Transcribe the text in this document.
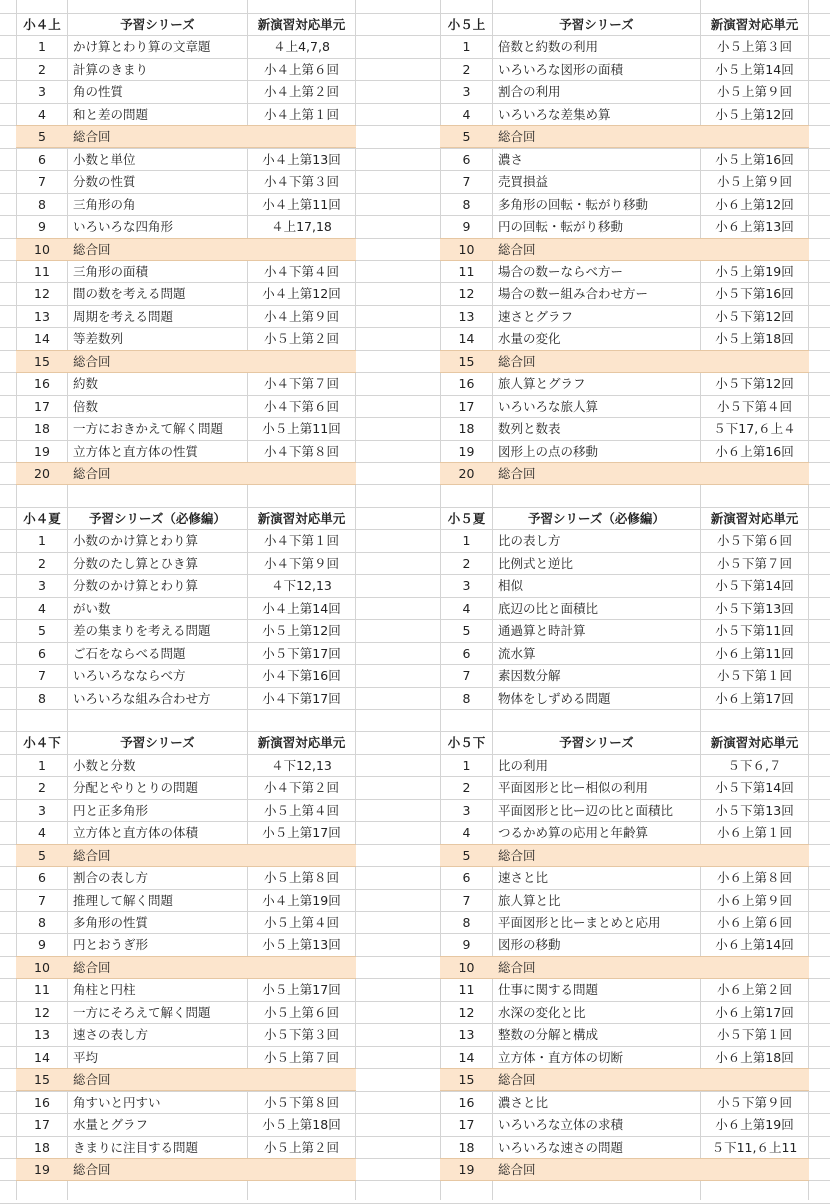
小４上	予習シリーズ	新演習対応単元	小５上	予習シリーズ	新演習対応単元
1	かけ算とわり算の文章題	４上4,7,8	1	倍数と約数の利用	小５上第３回
2	計算のきまり	小４上第６回	2	いろいろな図形の面積	小５上第14回
3	角の性質	小４上第２回	3	割合の利用	小５上第９回
4	和と差の問題	小４上第１回	4	いろいろな差集め算	小５上第12回
5	総合回	5	総合回
6	小数と単位	小４上第13回	6	濃さ	小５上第16回
7	分数の性質	小４下第３回	7	売買損益	小５上第９回
8	三角形の角	小４上第11回	8	多角形の回転・転がり移動	小６上第12回
9	いろいろな四角形	４上17,18	9	円の回転・転がり移動	小６上第13回
10	総合回	10	総合回
11	三角形の面積	小４下第４回	11	場合の数ーならべ方ー	小５上第19回
12	間の数を考える問題	小４上第12回	12	場合の数ー組み合わせ方ー	小５下第16回
13	周期を考える問題	小４上第９回	13	速さとグラフ	小５下第12回
14	等差数列	小５上第２回	14	水量の変化	小５上第18回
15	総合回	15	総合回
16	約数	小４下第７回	16	旅人算とグラフ	小５下第12回
17	倍数	小４下第６回	17	いろいろな旅人算	小５下第４回
18	一方におきかえて解く問題	小５上第11回	18	数列と数表	５下17,６上４
19	立方体と直方体の性質	小４下第８回	19	図形上の点の移動	小６上第16回
20	総合回	20	総合回
小４夏	予習シリーズ（必修編）	新演習対応単元	小５夏	予習シリーズ（必修編）	新演習対応単元
1	小数のかけ算とわり算	小４下第１回	1	比の表し方	小５下第６回
2	分数のたし算とひき算	小４下第９回	2	比例式と逆比	小５下第７回
3	分数のかけ算とわり算	４下12,13	3	相似	小５下第14回
4	がい数	小４上第14回	4	底辺の比と面積比	小５下第13回
5	差の集まりを考える問題	小５上第12回	5	通過算と時計算	小５下第11回
6	ご石をならべる問題	小５下第17回	6	流水算	小６上第11回
7	いろいろなならべ方	小４下第16回	7	素因数分解	小５下第１回
8	いろいろな組み合わせ方	小４下第17回	8	物体をしずめる問題	小６上第17回
小４下	予習シリーズ	新演習対応単元	小５下	予習シリーズ	新演習対応単元
1	小数と分数	４下12,13	1	比の利用	５下６,７
2	分配とやりとりの問題	小４下第２回	2	平面図形と比ー相似の利用	小５下第14回
3	円と正多角形	小５上第４回	3	平面図形と比ー辺の比と面積比	小５下第13回
4	立方体と直方体の体積	小５上第17回	4	つるかめ算の応用と年齢算	小６上第１回
5	総合回	5	総合回
6	割合の表し方	小５上第８回	6	速さと比	小６上第８回
7	推理して解く問題	小４上第19回	7	旅人算と比	小６上第９回
8	多角形の性質	小５上第４回	8	平面図形と比ーまとめと応用	小６上第６回
9	円とおうぎ形	小５上第13回	9	図形の移動	小６上第14回
10	総合回	10	総合回
11	角柱と円柱	小５上第17回	11	仕事に関する問題	小６上第２回
12	一方にそろえて解く問題	小５上第６回	12	水深の変化と比	小６上第17回
13	速さの表し方	小５下第３回	13	整数の分解と構成	小５下第１回
14	平均	小５上第７回	14	立方体・直方体の切断	小６上第18回
15	総合回	15	総合回
16	角すいと円すい	小５下第８回	16	濃さと比	小５下第９回
17	水量とグラフ	小５上第18回	17	いろいろな立体の求積	小６上第19回
18	きまりに注目する問題	小５上第２回	18	いろいろな速さの問題	５下11,６上11
19	総合回	19	総合回
